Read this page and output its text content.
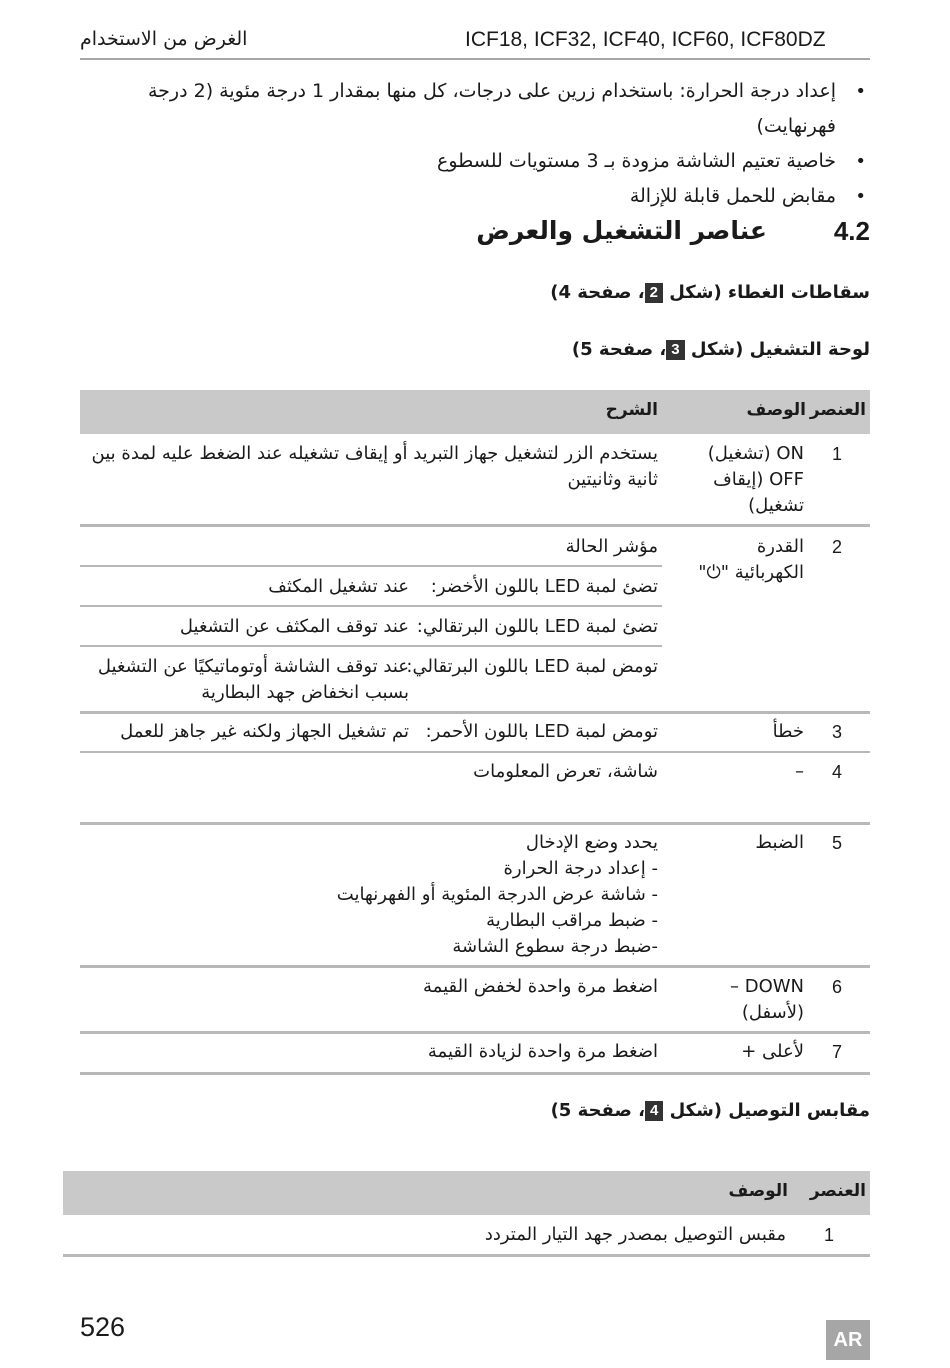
الغرض من الاستخدام	ICF18, ICF32, ICF40, ICF60, ICF80DZ
• إعداد درجة الحرارة: باستخدام زرين على درجات، كل منها بمقدار 1 درجة مئوية (2 درجة فهرنهايت)
• خاصية تعتيم الشاشة مزودة بـ 3 مستويات للسطوع
• مقابض للحمل قابلة للإزالة
4.2
عناصر التشغيل والعرض
سقاطات الغطاء (شكل 2، صفحة 4)
لوحة التشغيل (شكل 3، صفحة 5)
العنصر
الوصف
الشرح
1
ON (تشغيل) OFF (إيقاف تشغيل)
يستخدم الزر لتشغيل جهاز التبريد أو إيقاف تشغيله عند الضغط عليه لمدة بين ثانية وثانيتين
2
القدرة الكهربائية "⏻"
مؤشر الحالة
تضئ لمبة LED باللون الأخضر:
عند تشغيل المكثف
تضئ لمبة LED باللون البرتقالي:
عند توقف المكثف عن التشغيل
تومض لمبة LED باللون البرتقالي:
عند توقف الشاشة أوتوماتيكيًا عن التشغيل بسبب انخفاض جهد البطارية
3
خطأ
تومض لمبة LED باللون الأحمر:
تم تشغيل الجهاز ولكنه غير جاهز للعمل
4
–
شاشة، تعرض المعلومات
5
الضبط
يحدد وضع الإدخال
- إعداد درجة الحرارة
- شاشة عرض الدرجة المئوية أو الفهرنهايت
- ضبط مراقب البطارية
-ضبط درجة سطوع الشاشة
6
DOWN – (لأسفل)
اضغط مرة واحدة لخفض القيمة
7
لأعلى +
اضغط مرة واحدة لزيادة القيمة
مقابس التوصيل (شكل 4، صفحة 5)
العنصر
الوصف
1
مقبس التوصيل بمصدر جهد التيار المتردد
526	AR
